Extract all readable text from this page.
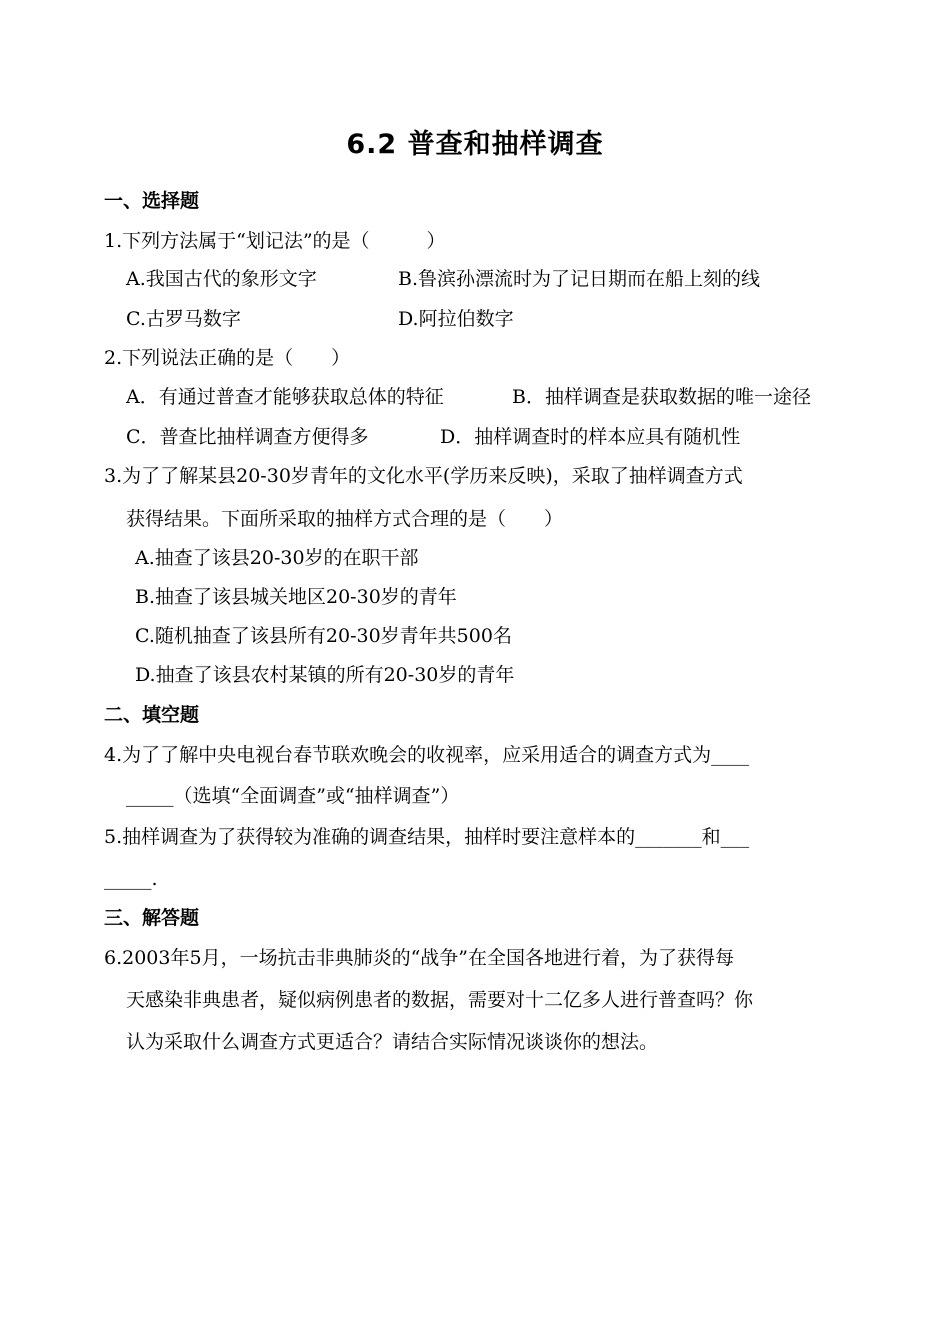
6.2 普查和抽样调查
一、选择题
1.下列方法属于“划记法”的是（　　　）
A.我国古代的象形文字	B.鲁滨孙漂流时为了记日期而在船上刻的线
C.古罗马数字	D.阿拉伯数字
2.下列说法正确的是（　　）
A．有通过普查才能够获取总体的特征	B．抽样调查是获取数据的唯一途径
C．普查比抽样调查方便得多	D．抽样调查时的样本应具有随机性
3.为了了解某县20-30岁青年的文化水平(学历来反映)，采取了抽样调查方式
获得结果。下面所采取的抽样方式合理的是（　　）
A.抽查了该县20-30岁的在职干部
B.抽查了该县城关地区20-30岁的青年
C.随机抽查了该县所有20-30岁青年共500名
D.抽查了该县农村某镇的所有20-30岁的青年
二、填空题
4.为了了解中央电视台春节联欢晚会的收视率，应采用适合的调查方式为____
_____（选填“全面调查”或“抽样调查”）
5.抽样调查为了获得较为准确的调查结果，抽样时要注意样本的_______和___
_____.
三、解答题
6.2003年5月，一场抗击非典肺炎的“战争”在全国各地进行着，为了获得每
天感染非典患者，疑似病例患者的数据，需要对十二亿多人进行普查吗？你
认为采取什么调查方式更适合？请结合实际情况谈谈你的想法。
